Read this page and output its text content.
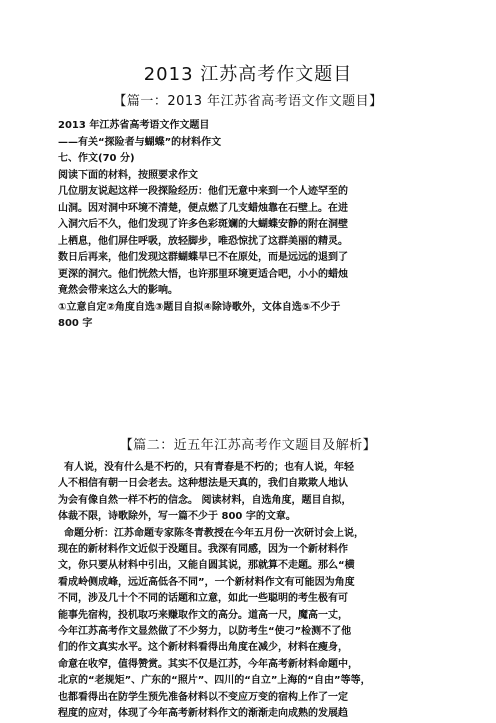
2013 江苏高考作文题目
【篇一：2013 年江苏省高考语文作文题目】
2013 年江苏省高考语文作文题目
——有关“探险者与蝴蝶”的材料作文
七、作文(70 分)
阅读下面的材料，按照要求作文
几位朋友说起这样一段探险经历：他们无意中来到一个人迹罕至的
山洞。因对洞中环境不清楚，便点燃了几支蜡烛靠在石壁上。在进
入洞穴后不久，他们发现了许多色彩斑斓的大蝴蝶安静的附在洞壁
上栖息，他们屏住呼吸，放轻脚步，唯恐惊扰了这群美丽的精灵。
数日后再来，他们发现这群蝴蝶早已不在原处，而是远远的退到了
更深的洞穴。他们恍然大悟，也许那里环境更适合吧，小小的蜡烛
竟然会带来这么大的影响。
①立意自定②角度自选③题目自拟④除诗歌外，文体自选⑤不少于
800 字
【篇二：近五年江苏高考作文题目及解析】
有人说，没有什么是不朽的，只有青春是不朽的；也有人说，年轻
人不相信有朝一日会老去。这种想法是天真的，我们自欺欺人地认
为会有像自然一样不朽的信念。 阅读材料，自选角度，题目自拟，
体裁不限，诗歌除外，写一篇不少于 800 字的文章。
命题分析：江苏命题专家陈冬青教授在今年五月份一次研讨会上说，
现在的新材料作文近似于没题目。我深有同感，因为一个新材料作
文，你只要从材料中引出，又能自圆其说，那就算不走题。那么“横
看成岭侧成峰，远近高低各不同”，一个新材料作文有可能因为角度
不同，涉及几十个不同的话题和立意，如此一些聪明的考生极有可
能事先宿构，投机取巧来赚取作文的高分。道高一尺，魔高一丈，
今年江苏高考作文显然做了不少努力，以防考生“使刁”检测不了他
们的作文真实水平。这个新材料看得出角度在减少，材料在瘦身，
命意在收窄，值得赞赏。其实不仅是江苏，今年高考新材料命题中，
北京的“老规矩”、广东的“照片”、四川的“自立”上海的“自由”等等，
也都看得出在防学生预先准备材料以不变应万变的宿构上作了一定
程度的应对，体现了今年高考新材料作文的渐渐走向成熟的发展趋
